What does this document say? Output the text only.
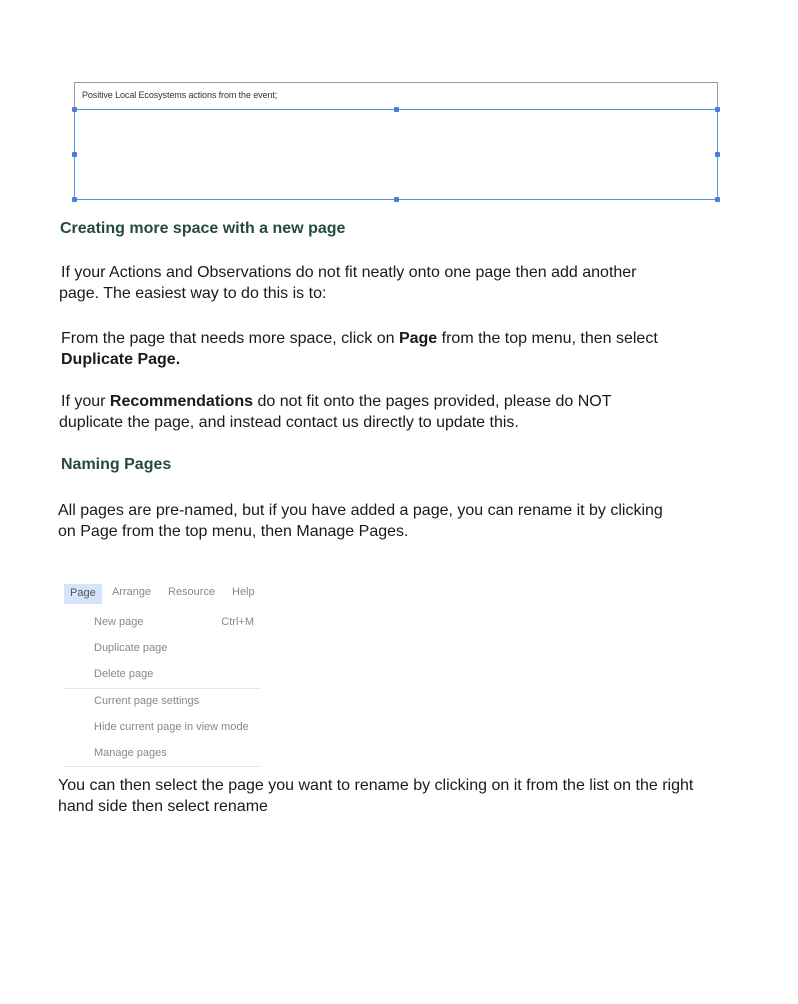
Positive Local Ecosystems actions from the event;
Creating more space with a new page

If your Actions and Observations do not fit neatly onto one page then add another page. The easiest way to do this is to:

From the page that needs more space, click on Page from the top menu, then select
Duplicate Page.

If your Recommendations do not fit onto the pages provided, please do NOT duplicate the page, and instead contact us directly to update this.

Naming Pages

All pages are pre-named, but if you have added a page, you can rename it by clicking on Page from the top menu, then Manage Pages.

Page	Arrange Resource Help
New page	Ctrl+M
Duplicate page
Delete page
Current page settings
Hide current page in view mode
Manage pages

You can then select the page you want to rename by clicking on it from the list on the right hand side then select rename
